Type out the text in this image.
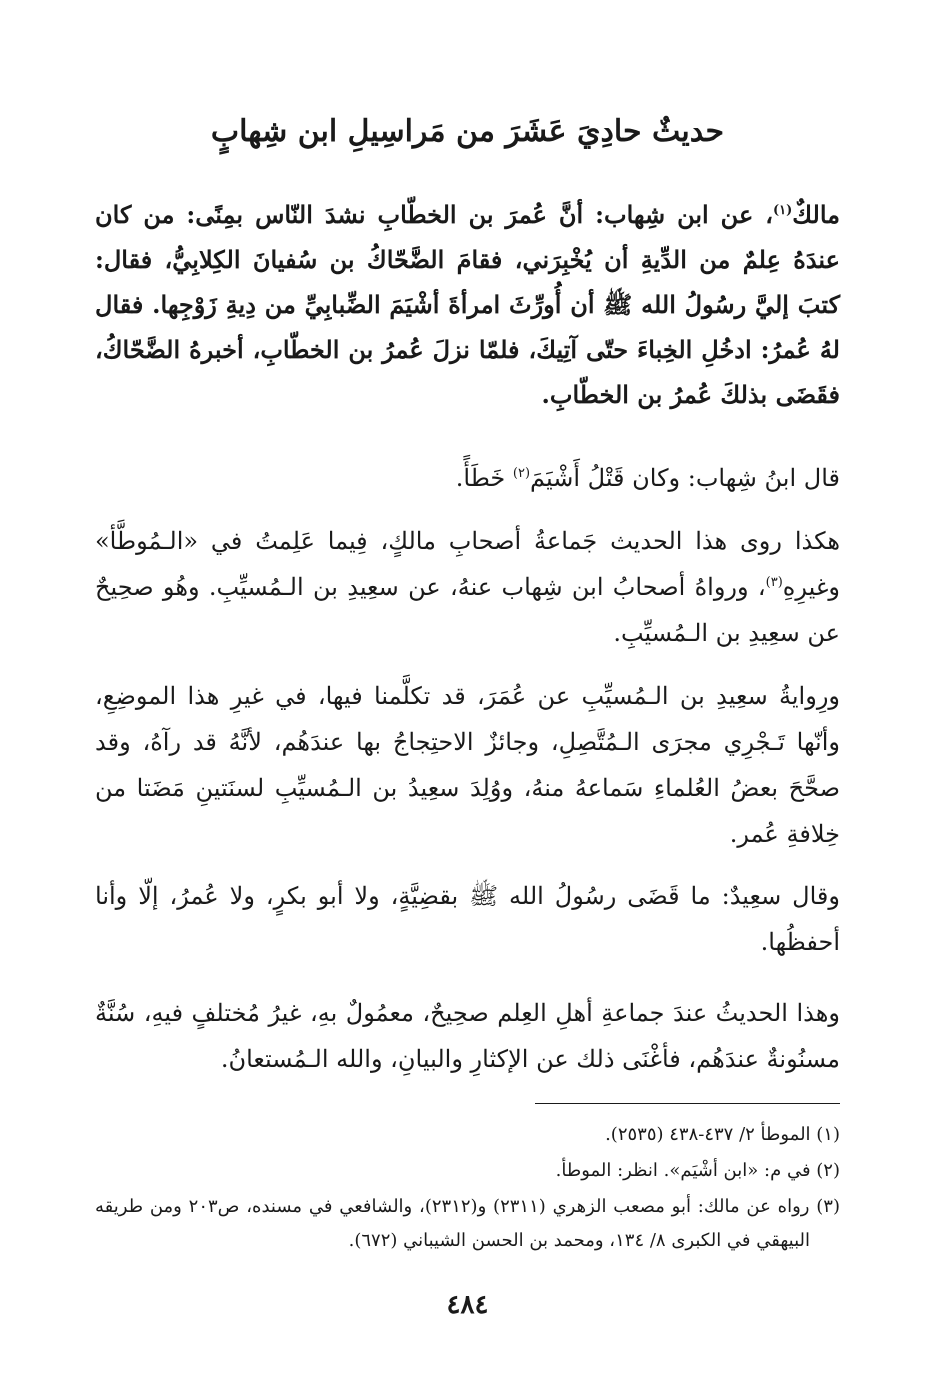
حديثٌ حادِيَ عَشَرَ من مَراسِيلِ ابن شِهابٍ

مالكٌ$^{(١)}$، عن ابن شِهاب: أنَّ عُمرَ بن الخطّابِ نشدَ النّاس بمِنًى: من كان عندَهُ عِلمٌ من الدِّيةِ أن يُخْبِرَني، فقامَ الضَّحّاكُ بن سُفيانَ الكِلابِيُّ، فقال: كتبَ إليَّ رسُولُ الله ﷺ أن أُورِّثَ امرأةَ أشْيَمَ الضِّبابِيِّ من دِيةِ زَوْجِها. فقال لهُ عُمرُ: ادخُلِ الخِباءَ حتّى آتِيكَ، فلمّا نزلَ عُمرُ بن الخطّابِ، أخبرهُ الضَّحّاكُ، فقَضَى بذلكَ عُمرُ بن الخطّابِ.

قال ابنُ شِهاب: وكان قَتْلُ أَشْيَمَ$^{(٢)}$ خَطَأً.

هكذا روى هذا الحديث جَماعةُ أصحابِ مالكٍ، فِيما عَلِمتُ في «الـمُوطَّأ» وغيرِهِ$^{(٣)}$، ورواهُ أصحابُ ابن شِهاب عنهُ، عن سعِيدِ بن الـمُسيِّبِ. وهُو صحِيحٌ عن سعِيدِ بن الـمُسيِّبِ.

ورِوايةُ سعِيدِ بن الـمُسيِّبِ عن عُمَرَ، قد تكلَّمنا فيها، في غيرِ هذا الموضِعِ، وأنّها تَـجْرِي مجرَى الـمُتَّصِلِ، وجائزٌ الاحتِجاجُ بها عندَهُم، لأنَّهُ قد رآهُ، وقد صحَّحَ بعضُ العُلماءِ سَماعهُ منهُ، ووُلِدَ سعِيدُ بن الـمُسيِّبِ لسنَتينِ مَضَتا من خِلافةِ عُمر.

وقال سعِيدٌ: ما قَضَى رسُولُ الله ﷺ بقضِيَّةٍ، ولا أبو بكرٍ، ولا عُمرُ، إلّا وأنا أحفظُها.

وهذا الحديثُ عندَ جماعةِ أهلِ العِلم صحِيحٌ، معمُولٌ بهِ، غيرُ مُختلفٍ فيهِ، سُنَّةٌ مسنُونةٌ عندَهُم، فأغْنَى ذلك عن الإكثارِ والبيانِ، والله الـمُستعانُ.

(١) الموطأ ٢/ ٤٣٧-٤٣٨ (٢٥٣٥).

(٢) في م: «ابن أشْيَم». انظر: الموطأ.

(٣) رواه عن مالك: أبو مصعب الزهري (٢٣١١) و(٢٣١٢)، والشافعي في مسنده، ص٢٠٣ ومن طريقه البيهقي في الكبرى ٨/ ١٣٤، ومحمد بن الحسن الشيباني (٦٧٢).

٤٨٤
